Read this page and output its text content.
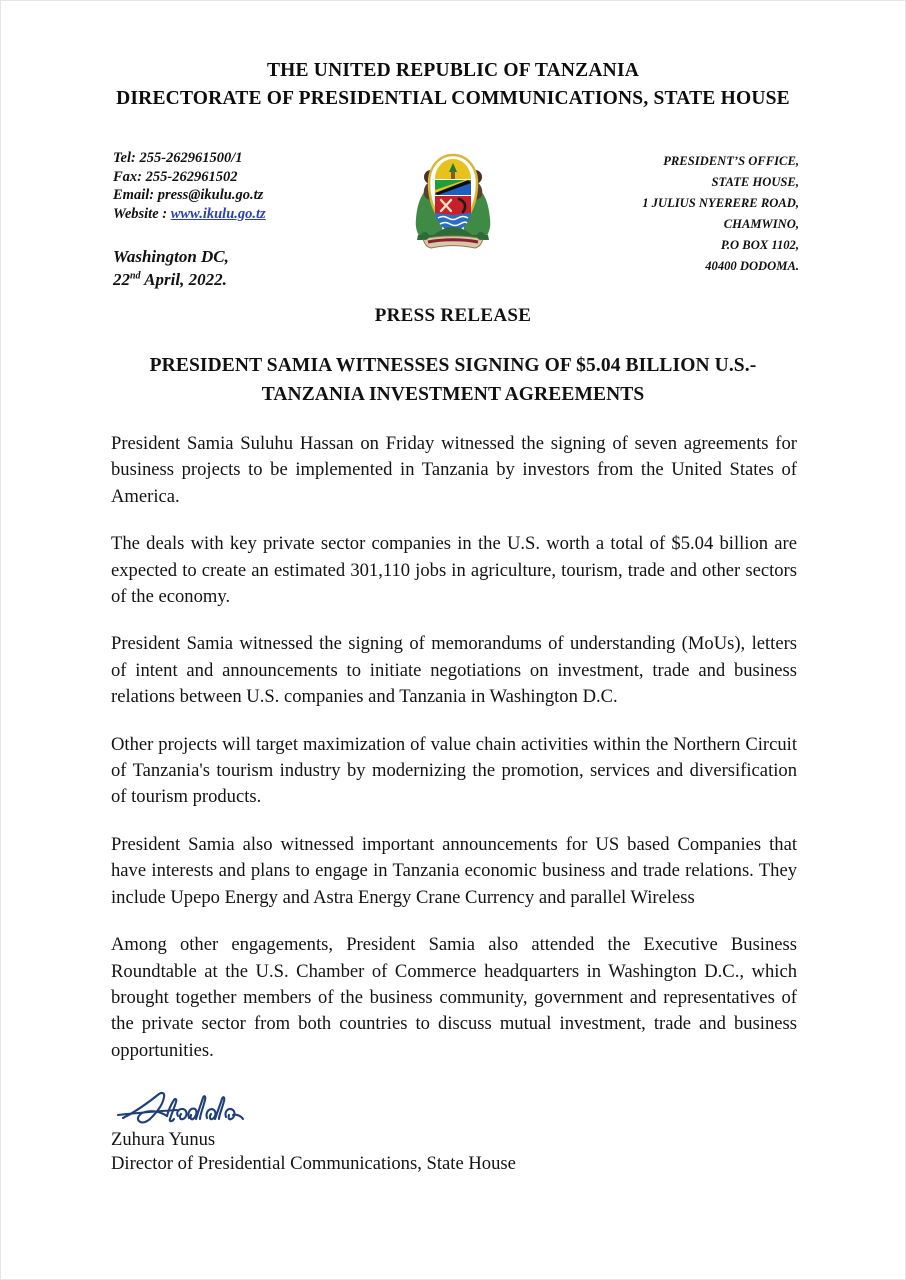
THE UNITED REPUBLIC OF TANZANIA
DIRECTORATE OF PRESIDENTIAL COMMUNICATIONS, STATE HOUSE
Tel: 255-262961500/1
Fax: 255-262961502
Email: press@ikulu.go.tz
Website : www.ikulu.go.tz
PRESIDENT’S OFFICE,
STATE HOUSE,
1 JULIUS NYERERE ROAD,
CHAMWINO,
P.O BOX 1102,
40400 DODOMA.
Washington DC,
22nd April, 2022.
PRESS RELEASE
PRESIDENT SAMIA WITNESSES SIGNING OF $5.04 BILLION U.S.-TANZANIA INVESTMENT AGREEMENTS

President Samia Suluhu Hassan on Friday witnessed the signing of seven agreements for business projects to be implemented in Tanzania by investors from the United States of America.

The deals with key private sector companies in the U.S. worth a total of $5.04 billion are expected to create an estimated 301,110 jobs in agriculture, tourism, trade and other sectors of the economy.

President Samia witnessed the signing of memorandums of understanding (MoUs), letters of intent and announcements to initiate negotiations on investment, trade and business relations between U.S. companies and Tanzania in Washington D.C.

Other projects will target maximization of value chain activities within the Northern Circuit of Tanzania's tourism industry by modernizing the promotion, services and diversification of tourism products.

President Samia also witnessed important announcements for US based Companies that have interests and plans to engage in Tanzania economic business and trade relations. They include Upepo Energy and Astra Energy Crane Currency and parallel Wireless

Among other engagements, President Samia also attended the Executive Business Roundtable at the U.S. Chamber of Commerce headquarters in Washington D.C., which brought together members of the business community, government and representatives of the private sector from both countries to discuss mutual investment, trade and business opportunities.

Zuhura Yunus
Director of Presidential Communications, State House
